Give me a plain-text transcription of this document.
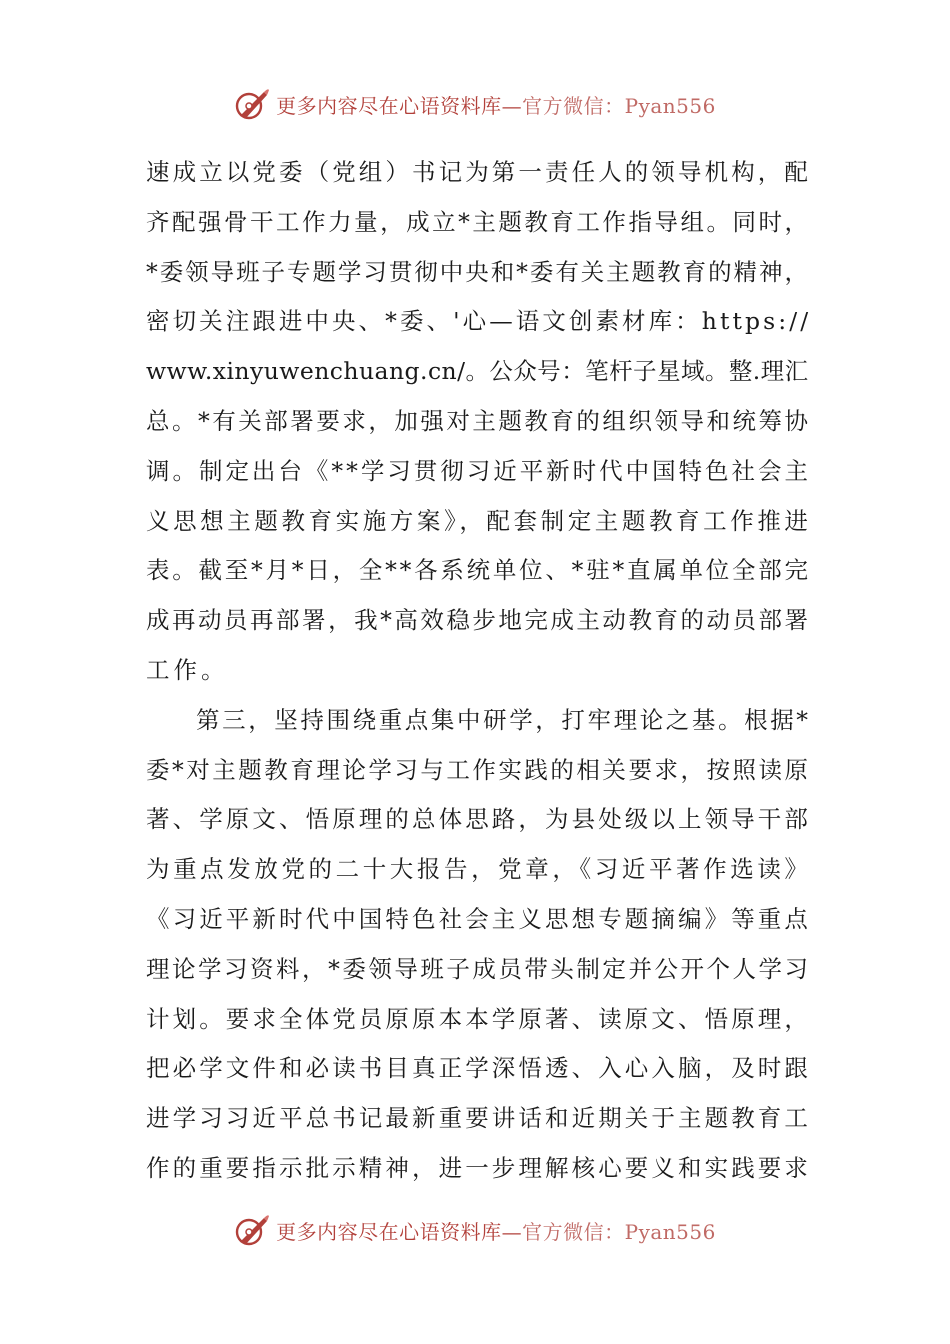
更多内容尽在心语资料库—官方微信：Pyan556
速成立以党委（党组）书记为第一责任人的领导机构，配
齐配强骨干工作力量，成立*主题教育工作指导组。同时，
*委领导班子专题学习贯彻中央和*委有关主题教育的精神，
密切关注跟进中央、*委、'心—语文创素材库：https://
www.xinyuwenchuang.cn/。公众号：笔杆子星域。整.理汇
总。*有关部署要求，加强对主题教育的组织领导和统筹协
调。制定出台《**学习贯彻习近平新时代中国特色社会主
义思想主题教育实施方案》，配套制定主题教育工作推进
表。截至*月*日，全**各系统单位、*驻*直属单位全部完
成再动员再部署，我*高效稳步地完成主动教育的动员部署
工作。
第三，坚持围绕重点集中研学，打牢理论之基。根据*
委*对主题教育理论学习与工作实践的相关要求，按照读原
著、学原文、悟原理的总体思路，为县处级以上领导干部
为重点发放党的二十大报告，党章，《习近平著作选读》
《习近平新时代中国特色社会主义思想专题摘编》等重点
理论学习资料，*委领导班子成员带头制定并公开个人学习
计划。要求全体党员原原本本学原著、读原文、悟原理，
把必学文件和必读书目真正学深悟透、入心入脑，及时跟
进学习习近平总书记最新重要讲话和近期关于主题教育工
作的重要指示批示精神，进一步理解核心要义和实践要求
更多内容尽在心语资料库—官方微信：Pyan556
